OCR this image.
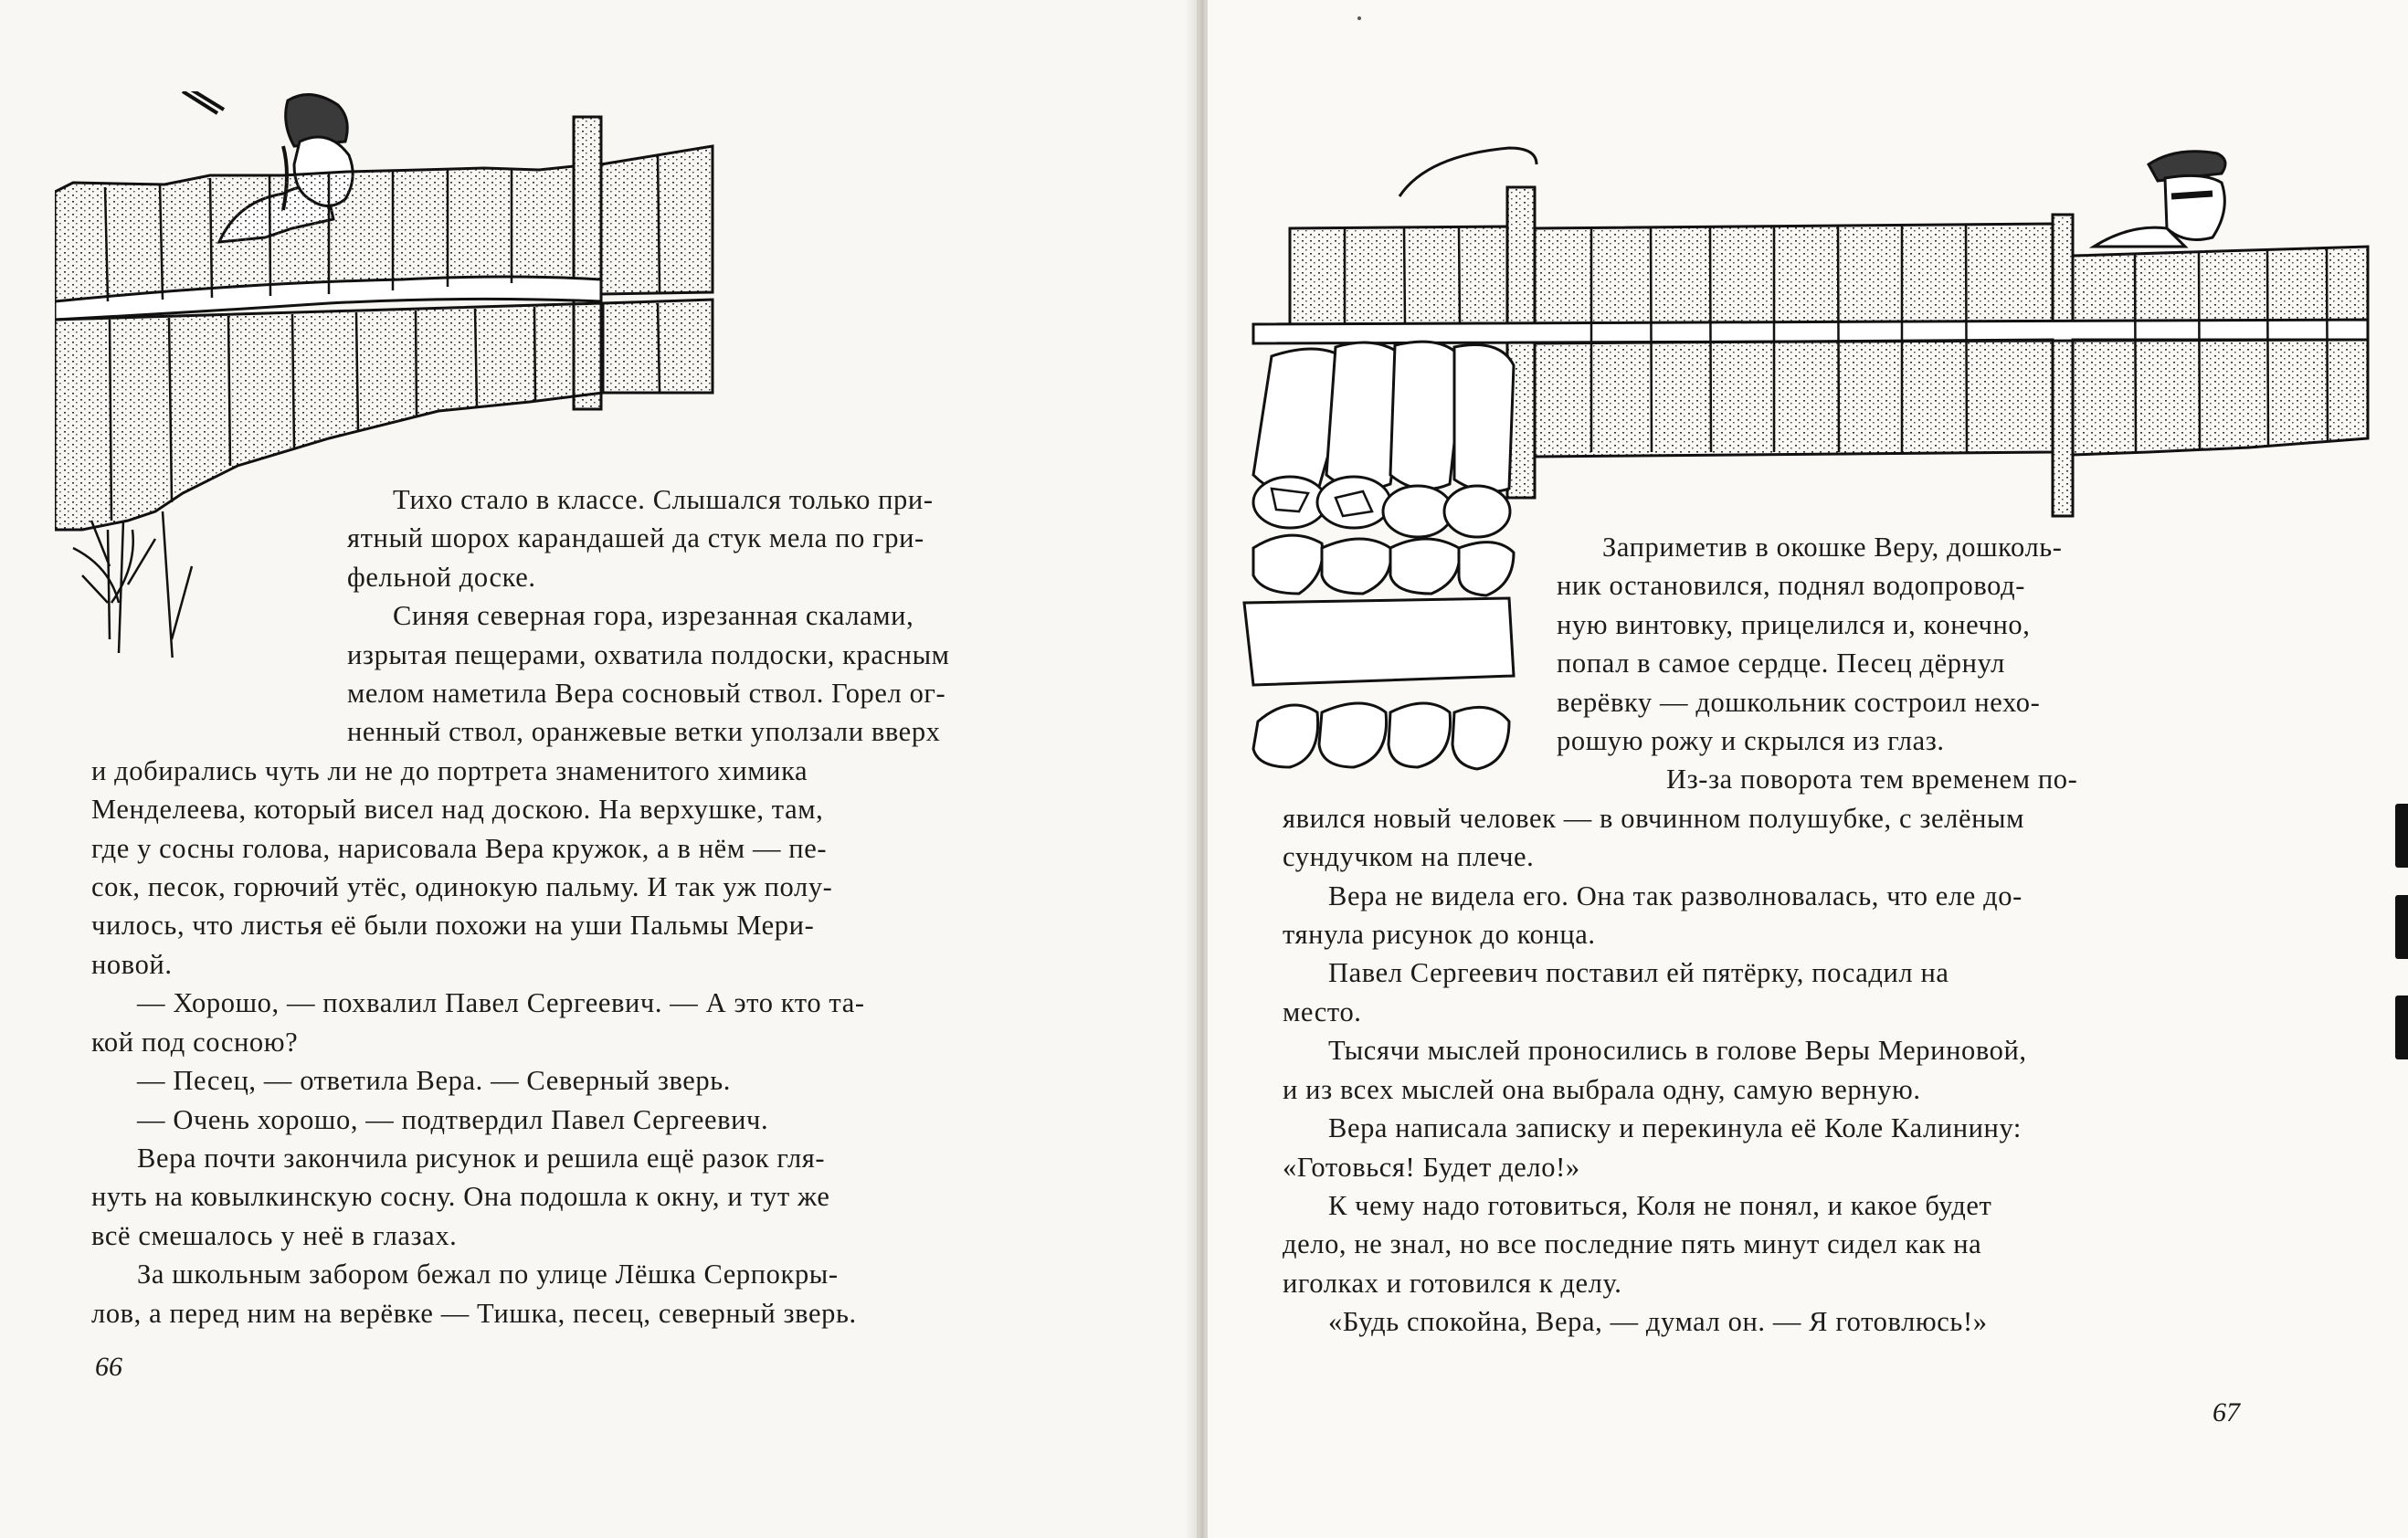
Тихо стало в классе. Слышался только при-
ятный шорох карандашей да стук мела по гри-
фельной доске.

Синяя северная гора, изрезанная скалами,
изрытая пещерами, охватила полдоски, красным
мелом наметила Вера сосновый ствол. Горел ог-
ненный ствол, оранжевые ветки уползали вверх

и добирались чуть ли не до портрета знаменитого химика
Менделеева, который висел над доскою. На верхушке, там,
где у сосны голова, нарисовала Вера кружок, а в нём — пе-
сок, песок, горючий утёс, одинокую пальму. И так уж полу-
чилось, что листья её были похожи на уши Пальмы Мери-
новой.

— Хорошо, — похвалил Павел Сергеевич. — А это кто та-
кой под сосною?

— Песец, — ответила Вера. — Северный зверь.

— Очень хорошо, — подтвердил Павел Сергеевич.

Вера почти закончила рисунок и решила ещё разок гля-
нуть на ковылкинскую сосну. Она подошла к окну, и тут же
всё смешалось у неё в глазах.

За школьным забором бежал по улице Лёшка Серпокры-
лов, а перед ним на верёвке — Тишка, песец, северный зверь.

66

Заприметив в окошке Веру, дошколь-
ник остановился, поднял водопровод-
ную винтовку, прицелился и, конечно,
попал в самое сердце. Песец дёрнул
верёвку — дошкольник состроил нехо-
рошую рожу и скрылся из глаз.

Из-за поворота тем временем по-

явился новый человек — в овчинном полушубке, с зелёным
сундучком на плече.

Вера не видела его. Она так разволновалась, что еле до-
тянула рисунок до конца.

Павел Сергеевич поставил ей пятёрку, посадил на
место.

Тысячи мыслей проносились в голове Веры Мериновой,
и из всех мыслей она выбрала одну, самую верную.

Вера написала записку и перекинула её Коле Калинину:
«Готовься! Будет дело!»

К чему надо готовиться, Коля не понял, и какое будет
дело, не знал, но все последние пять минут сидел как на
иголках и готовился к делу.

«Будь спокойна, Вера, — думал он. — Я готовлюсь!»

67
